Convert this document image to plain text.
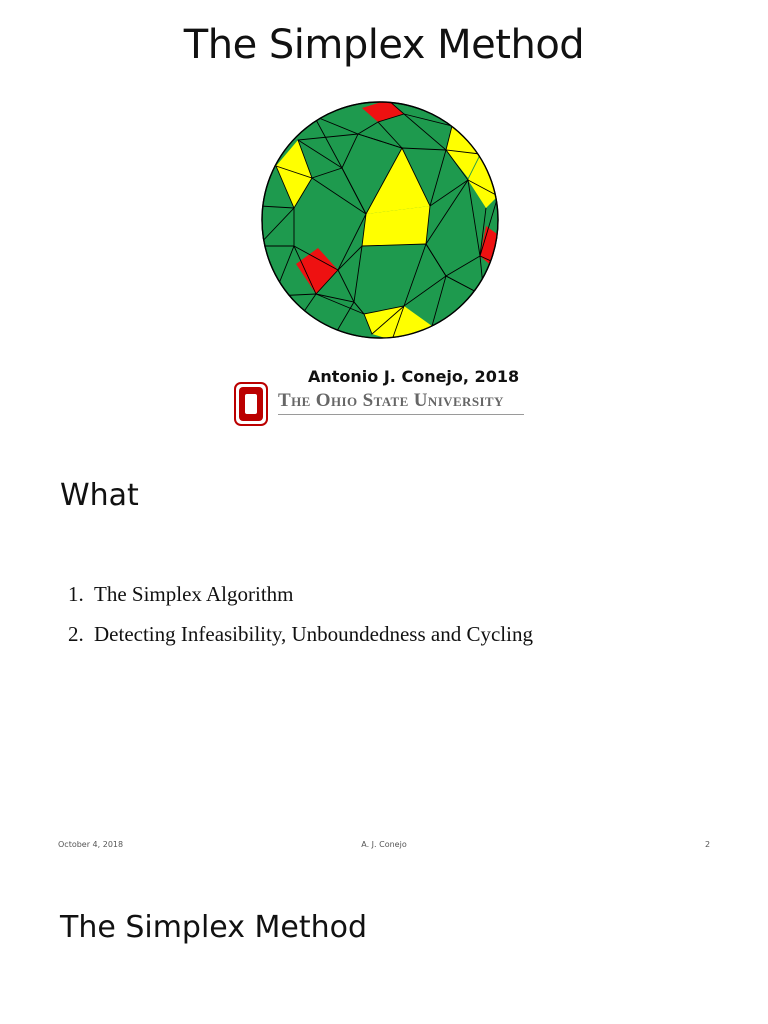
The Simplex Method
Antonio J. Conejo, 2018
The Ohio State University
What
1. The Simplex Algorithm
2. Detecting Infeasibility, Unboundedness and Cycling
October 4, 2018	A. J. Conejo	2
The Simplex Method
